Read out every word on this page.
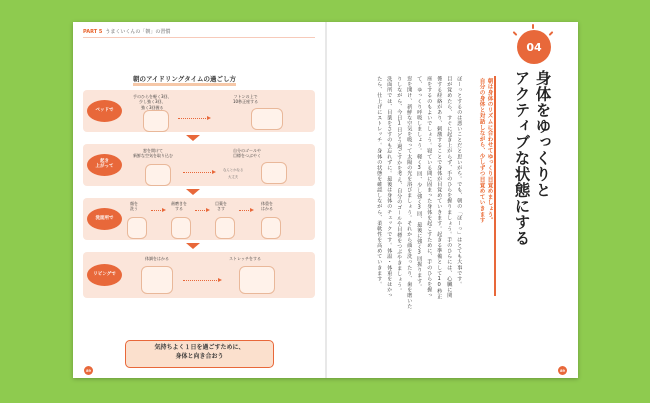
PART 5 うまくいくんの「朝」の習慣
朝のアイドリングタイムの過ごし方
ベッドで
手のひらを軽く3回、
少し強く3回、
強く3回握る
フトンの上で
10秒正座する
起き
上がって
窓を開けて
新鮮な空気を取り込む
自分のゴールや
目標をつぶやく
なんとかなる
大丈夫
洗面所で
顔を
洗う
歯磨きを
する
目薬を
さす
体重を
はかる
リビングで
体調をはかる	ストレッチをする
気持ちよく１日を過ごすために、
身体と向き合おう
89
04
身体をゆっくりと
アクティブな状態にする
朝は身体のリズムに合わせてゆっくり目覚めましょう。
自分の身体と対話しながら、少しずつ目覚めていきます
ぼーっとするのは悪いことだと思いがち。でも、朝の「ぼーっ」はとても大事です。
目が覚めたら、すぐに起き上がらず、手のひらを握りましょう。手のひらには、心臓に関
係する経絡があり、刺激することで身体が目覚めていきます。起きる準備として10秒正
座をするのもよいでしょう。寝ている間に固まった身体を起こすために、手のひらを握っ
て、ゆっくり呼吸しましょう。軽く3回、少し強く3回、最後に強く3回握ります。
窓を開け、新鮮な空気を吸って太陽の光を浴びましょう。それから顔を洗ったり、歯を磨いた
りしながら、今日1日どう過ごすかを考え、自分のゴールや目標をつぶやきましょう。
洗面所では、目薬をさすのも忘れずに。最後は身体のチェックです。体温・体重をはかっ
たら、仕上げにストレッチ。身体の状態を確認しながら、柔軟性を高めていきます。
89
